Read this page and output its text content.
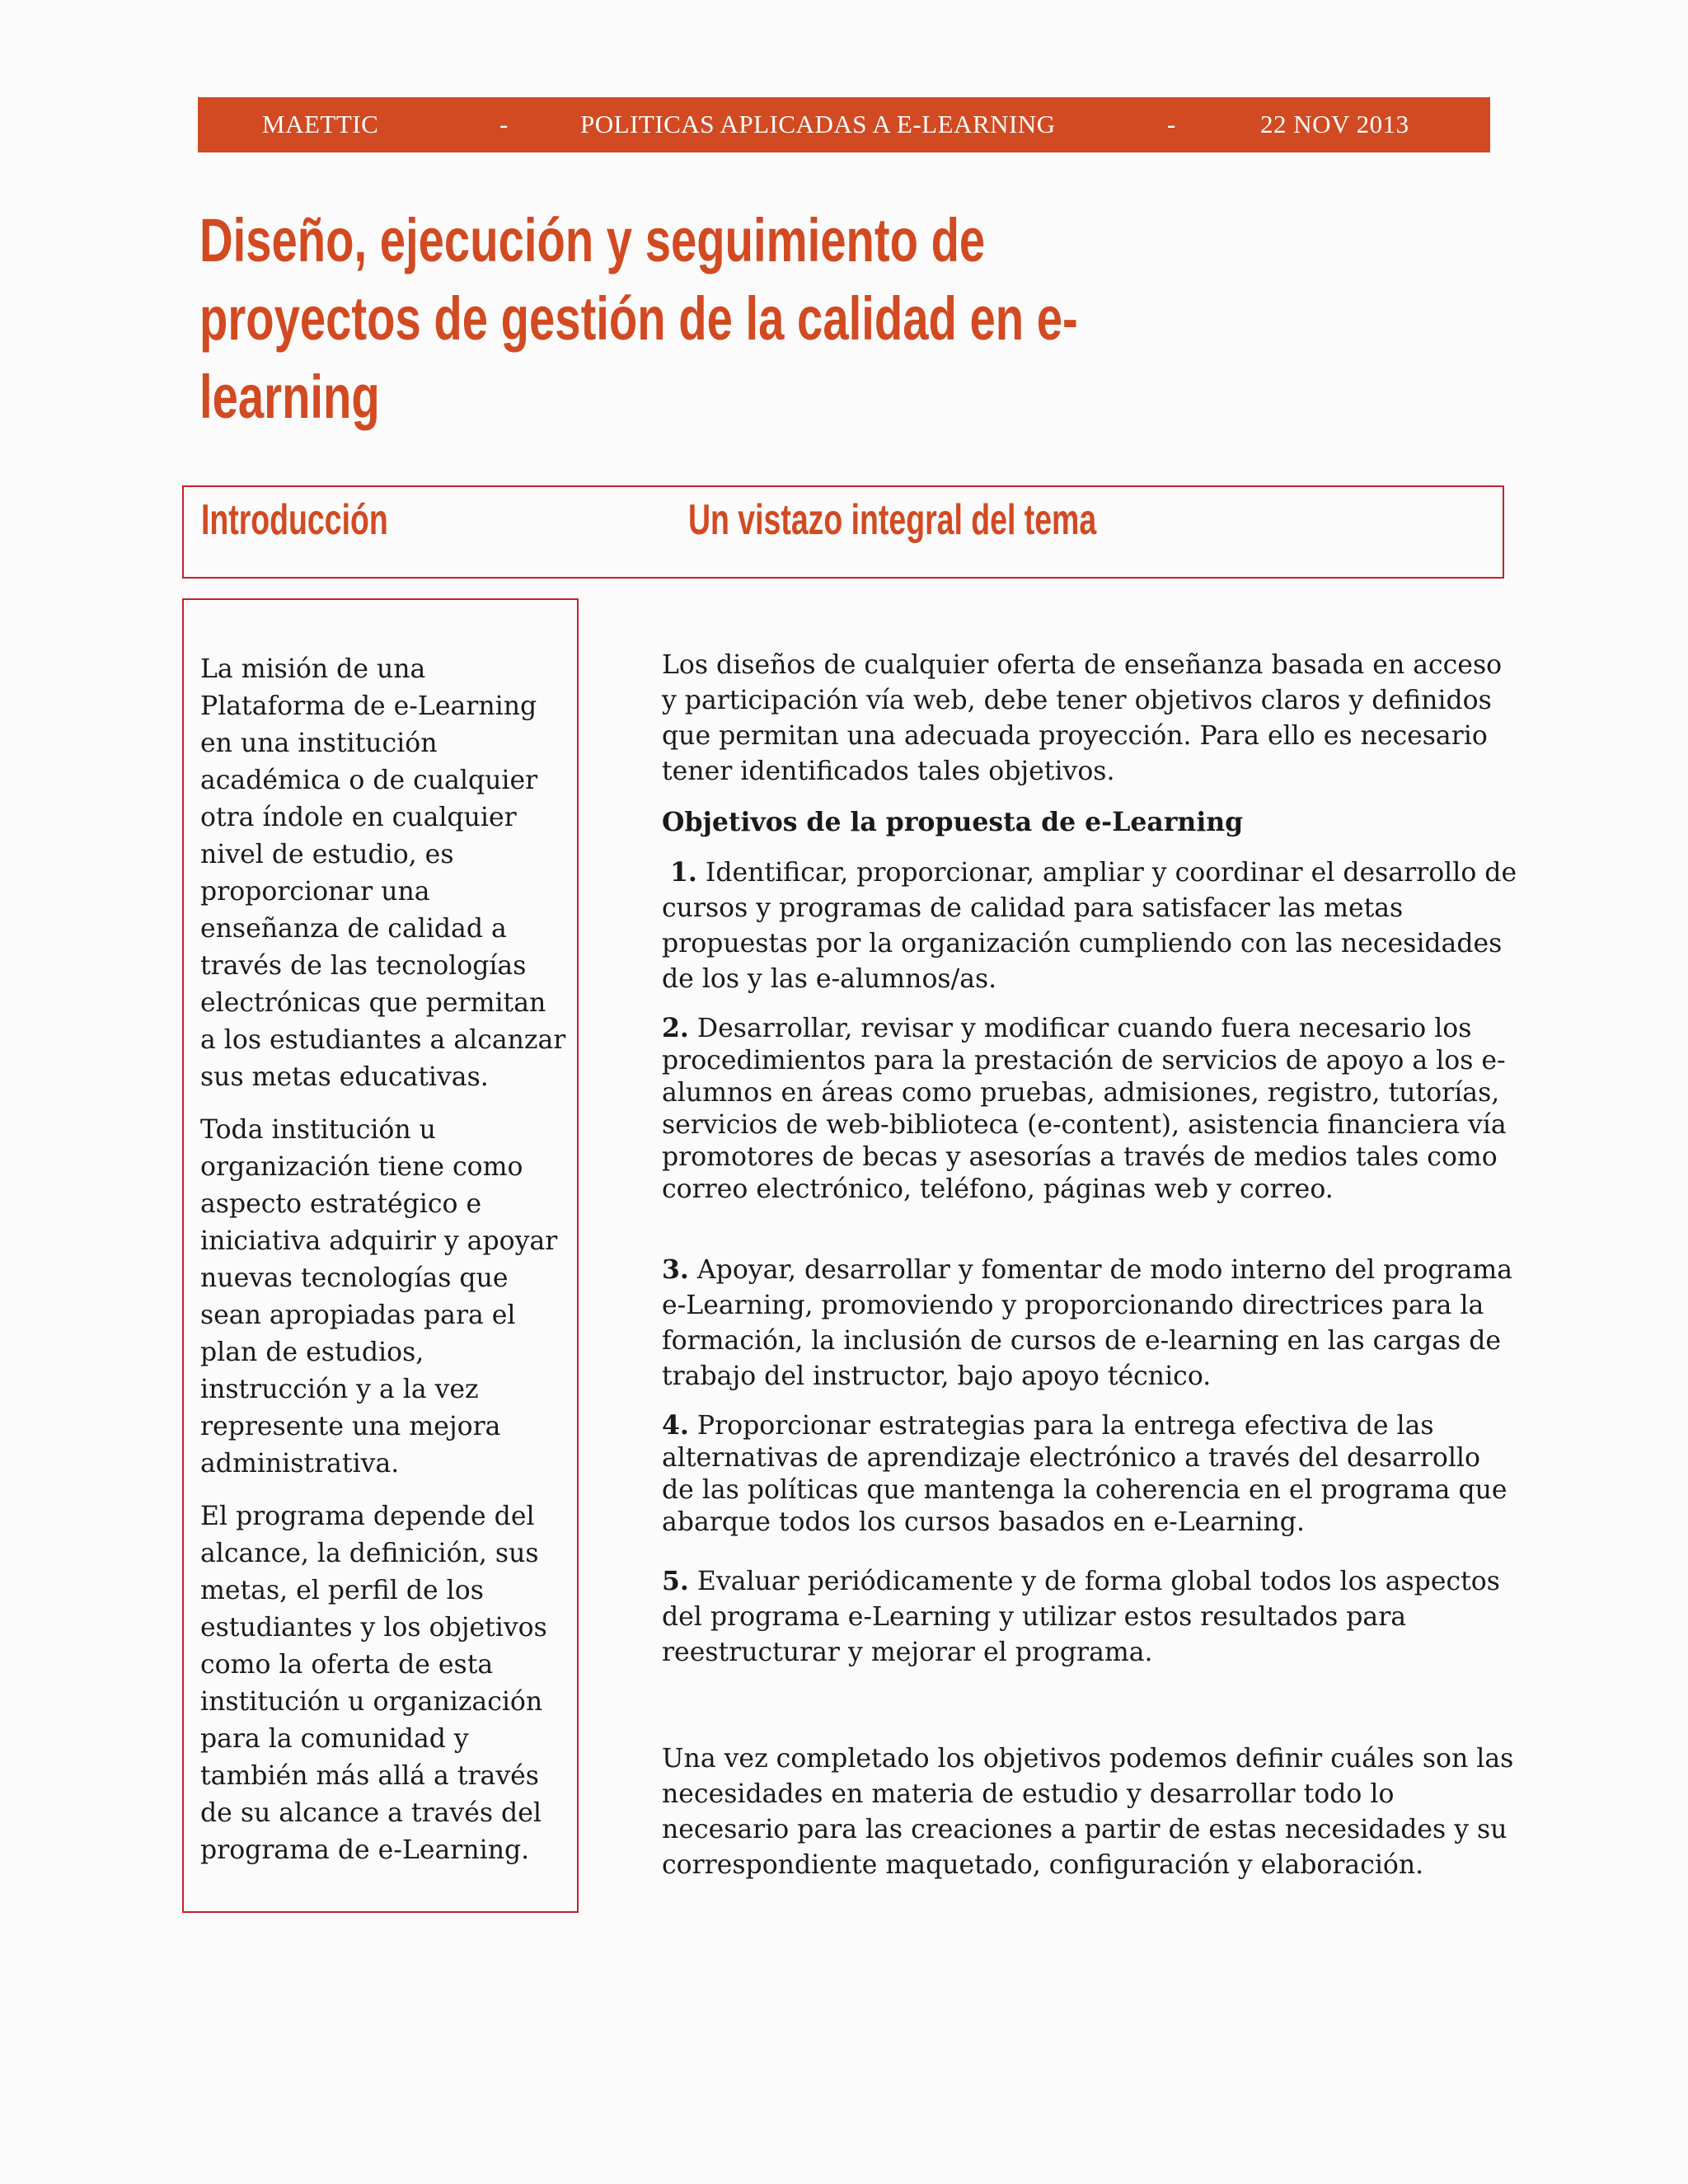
MAETTIC	-	POLITICAS APLICADAS A E-LEARNING	-	22 NOV 2013
Diseño, ejecución y seguimiento de proyectos de gestión de la calidad en e-learning
Introducción	Un vistazo integral del tema

La misión de una Plataforma de e-Learning en una institución académica o de cualquier otra índole en cualquier nivel de estudio, es proporcionar una enseñanza de calidad a través de las tecnologías electrónicas que permitan a los estudiantes a alcanzar sus metas educativas.

Toda institución u organización tiene como aspecto estratégico e iniciativa adquirir y apoyar nuevas tecnologías que sean apropiadas para el plan de estudios, instrucción y a la vez represente una mejora administrativa.

El programa depende del alcance, la definición, sus metas, el perfil de los estudiantes y los objetivos como la oferta de esta institución u organización para la comunidad y también más allá a través de su alcance a través del programa de e-Learning.

Los diseños de cualquier oferta de enseñanza basada en acceso y participación vía web, debe tener objetivos claros y definidos que permitan una adecuada proyección. Para ello es necesario tener identificados tales objetivos.

Objetivos de la propuesta de e-Learning

1. Identificar, proporcionar, ampliar y coordinar el desarrollo de cursos y programas de calidad para satisfacer las metas propuestas por la organización cumpliendo con las necesidades de los y las e-alumnos/as.

2. Desarrollar, revisar y modificar cuando fuera necesario los procedimientos para la prestación de servicios de apoyo a los e-alumnos en áreas como pruebas, admisiones, registro, tutorías, servicios de web-biblioteca (e-content), asistencia financiera vía promotores de becas y asesorías a través de medios tales como correo electrónico, teléfono, páginas web y correo.

3. Apoyar, desarrollar y fomentar de modo interno del programa e-Learning, promoviendo y proporcionando directrices para la formación, la inclusión de cursos de e-learning en las cargas de trabajo del instructor, bajo apoyo técnico.

4. Proporcionar estrategias para la entrega efectiva de las alternativas de aprendizaje electrónico a través del desarrollo de las políticas que mantenga la coherencia en el programa que abarque todos los cursos basados en e-Learning.

5. Evaluar periódicamente y de forma global todos los aspectos del programa e-Learning y utilizar estos resultados para reestructurar y mejorar el programa.

Una vez completado los objetivos podemos definir cuáles son las necesidades en materia de estudio y desarrollar todo lo necesario para las creaciones a partir de estas necesidades y su correspondiente maquetado, configuración y elaboración.
